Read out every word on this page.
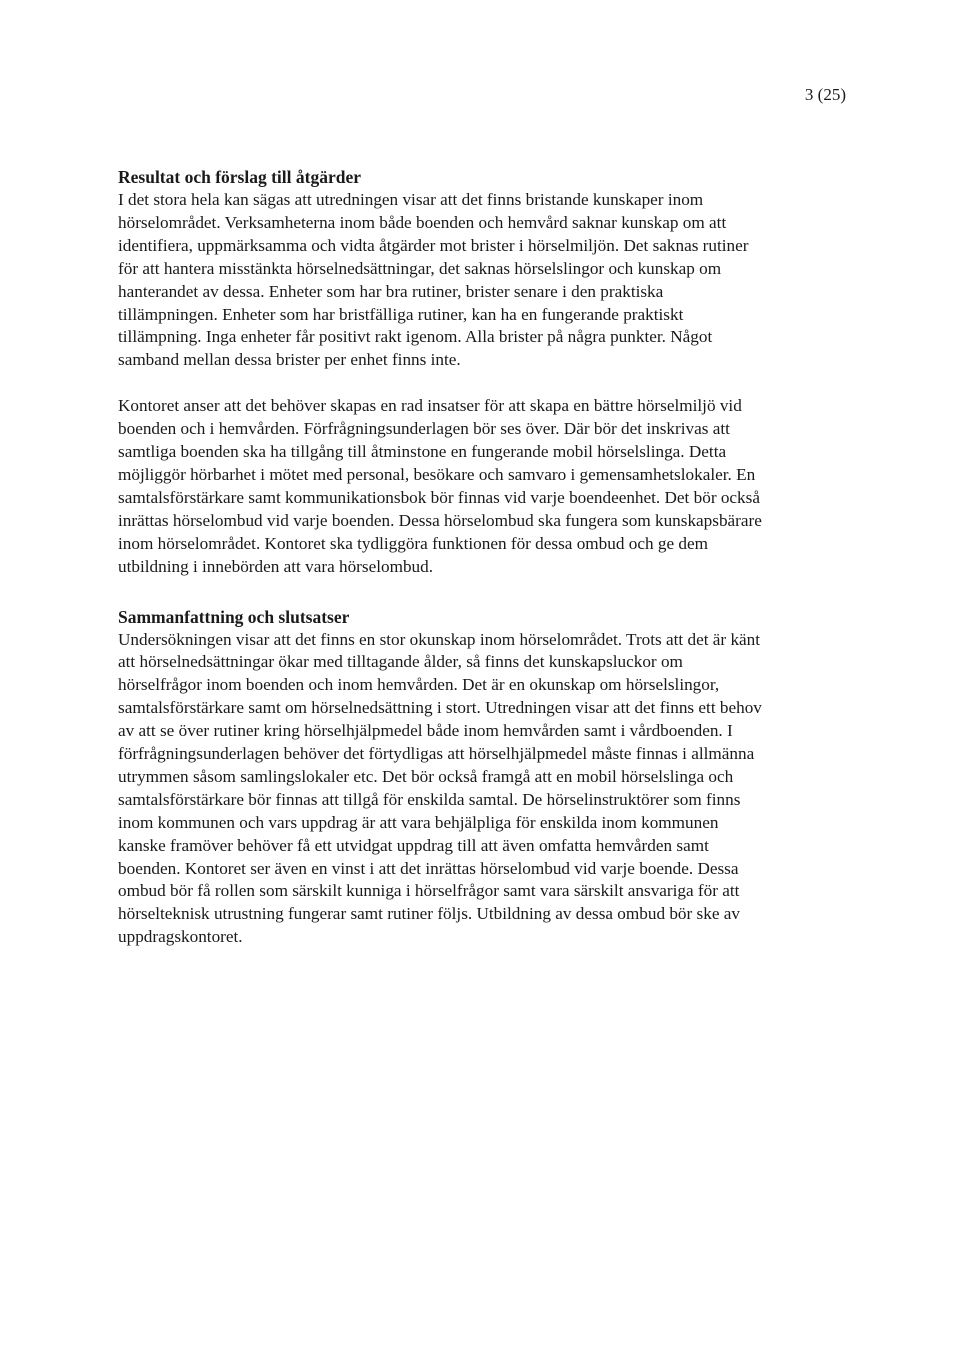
3 (25)
Resultat och förslag till åtgärder

I det stora hela kan sägas att utredningen visar att det finns bristande kunskaper inom
hörselområdet. Verksamheterna inom både boenden och hemvård saknar kunskap om att
identifiera, uppmärksamma och vidta åtgärder mot brister i hörselmiljön. Det saknas rutiner
för att hantera misstänkta hörselnedsättningar, det saknas hörselslingor och kunskap om
hanterandet av dessa. Enheter som har bra rutiner, brister senare i den praktiska
tillämpningen. Enheter som har bristfälliga rutiner, kan ha en fungerande praktiskt
tillämpning. Inga enheter får positivt rakt igenom. Alla brister på några punkter. Något
samband mellan dessa brister per enhet finns inte.

Kontoret anser att det behöver skapas en rad insatser för att skapa en bättre hörselmiljö vid
boenden och i hemvården. Förfrågningsunderlagen bör ses över. Där bör det inskrivas att
samtliga boenden ska ha tillgång till åtminstone en fungerande mobil hörselslinga. Detta
möjliggör hörbarhet i mötet med personal, besökare och samvaro i gemensamhetslokaler. En
samtalsförstärkare samt kommunikationsbok bör finnas vid varje boendeenhet. Det bör också
inrättas hörselombud vid varje boenden. Dessa hörselombud ska fungera som kunskapsbärare
inom hörselområdet. Kontoret ska tydliggöra funktionen för dessa ombud och ge dem
utbildning i innebörden att vara hörselombud.

Sammanfattning och slutsatser

Undersökningen visar att det finns en stor okunskap inom hörselområdet. Trots att det är känt
att hörselnedsättningar ökar med tilltagande ålder, så finns det kunskapsluckor om
hörselfrågor inom boenden och inom hemvården. Det är en okunskap om hörselslingor,
samtalsförstärkare samt om hörselnedsättning i stort. Utredningen visar att det finns ett behov
av att se över rutiner kring hörselhjälpmedel både inom hemvården samt i vårdboenden. I
förfrågningsunderlagen behöver det förtydligas att hörselhjälpmedel måste finnas i allmänna
utrymmen såsom samlingslokaler etc. Det bör också framgå att en mobil hörselslinga och
samtalsförstärkare bör finnas att tillgå för enskilda samtal. De hörselinstruktörer som finns
inom kommunen och vars uppdrag är att vara behjälpliga för enskilda inom kommunen
kanske framöver behöver få ett utvidgat uppdrag till att även omfatta hemvården samt
boenden. Kontoret ser även en vinst i att det inrättas hörselombud vid varje boende. Dessa
ombud bör få rollen som särskilt kunniga i hörselfrågor samt vara särskilt ansvariga för att
hörselteknisk utrustning fungerar samt rutiner följs. Utbildning av dessa ombud bör ske av
uppdragskontoret.
